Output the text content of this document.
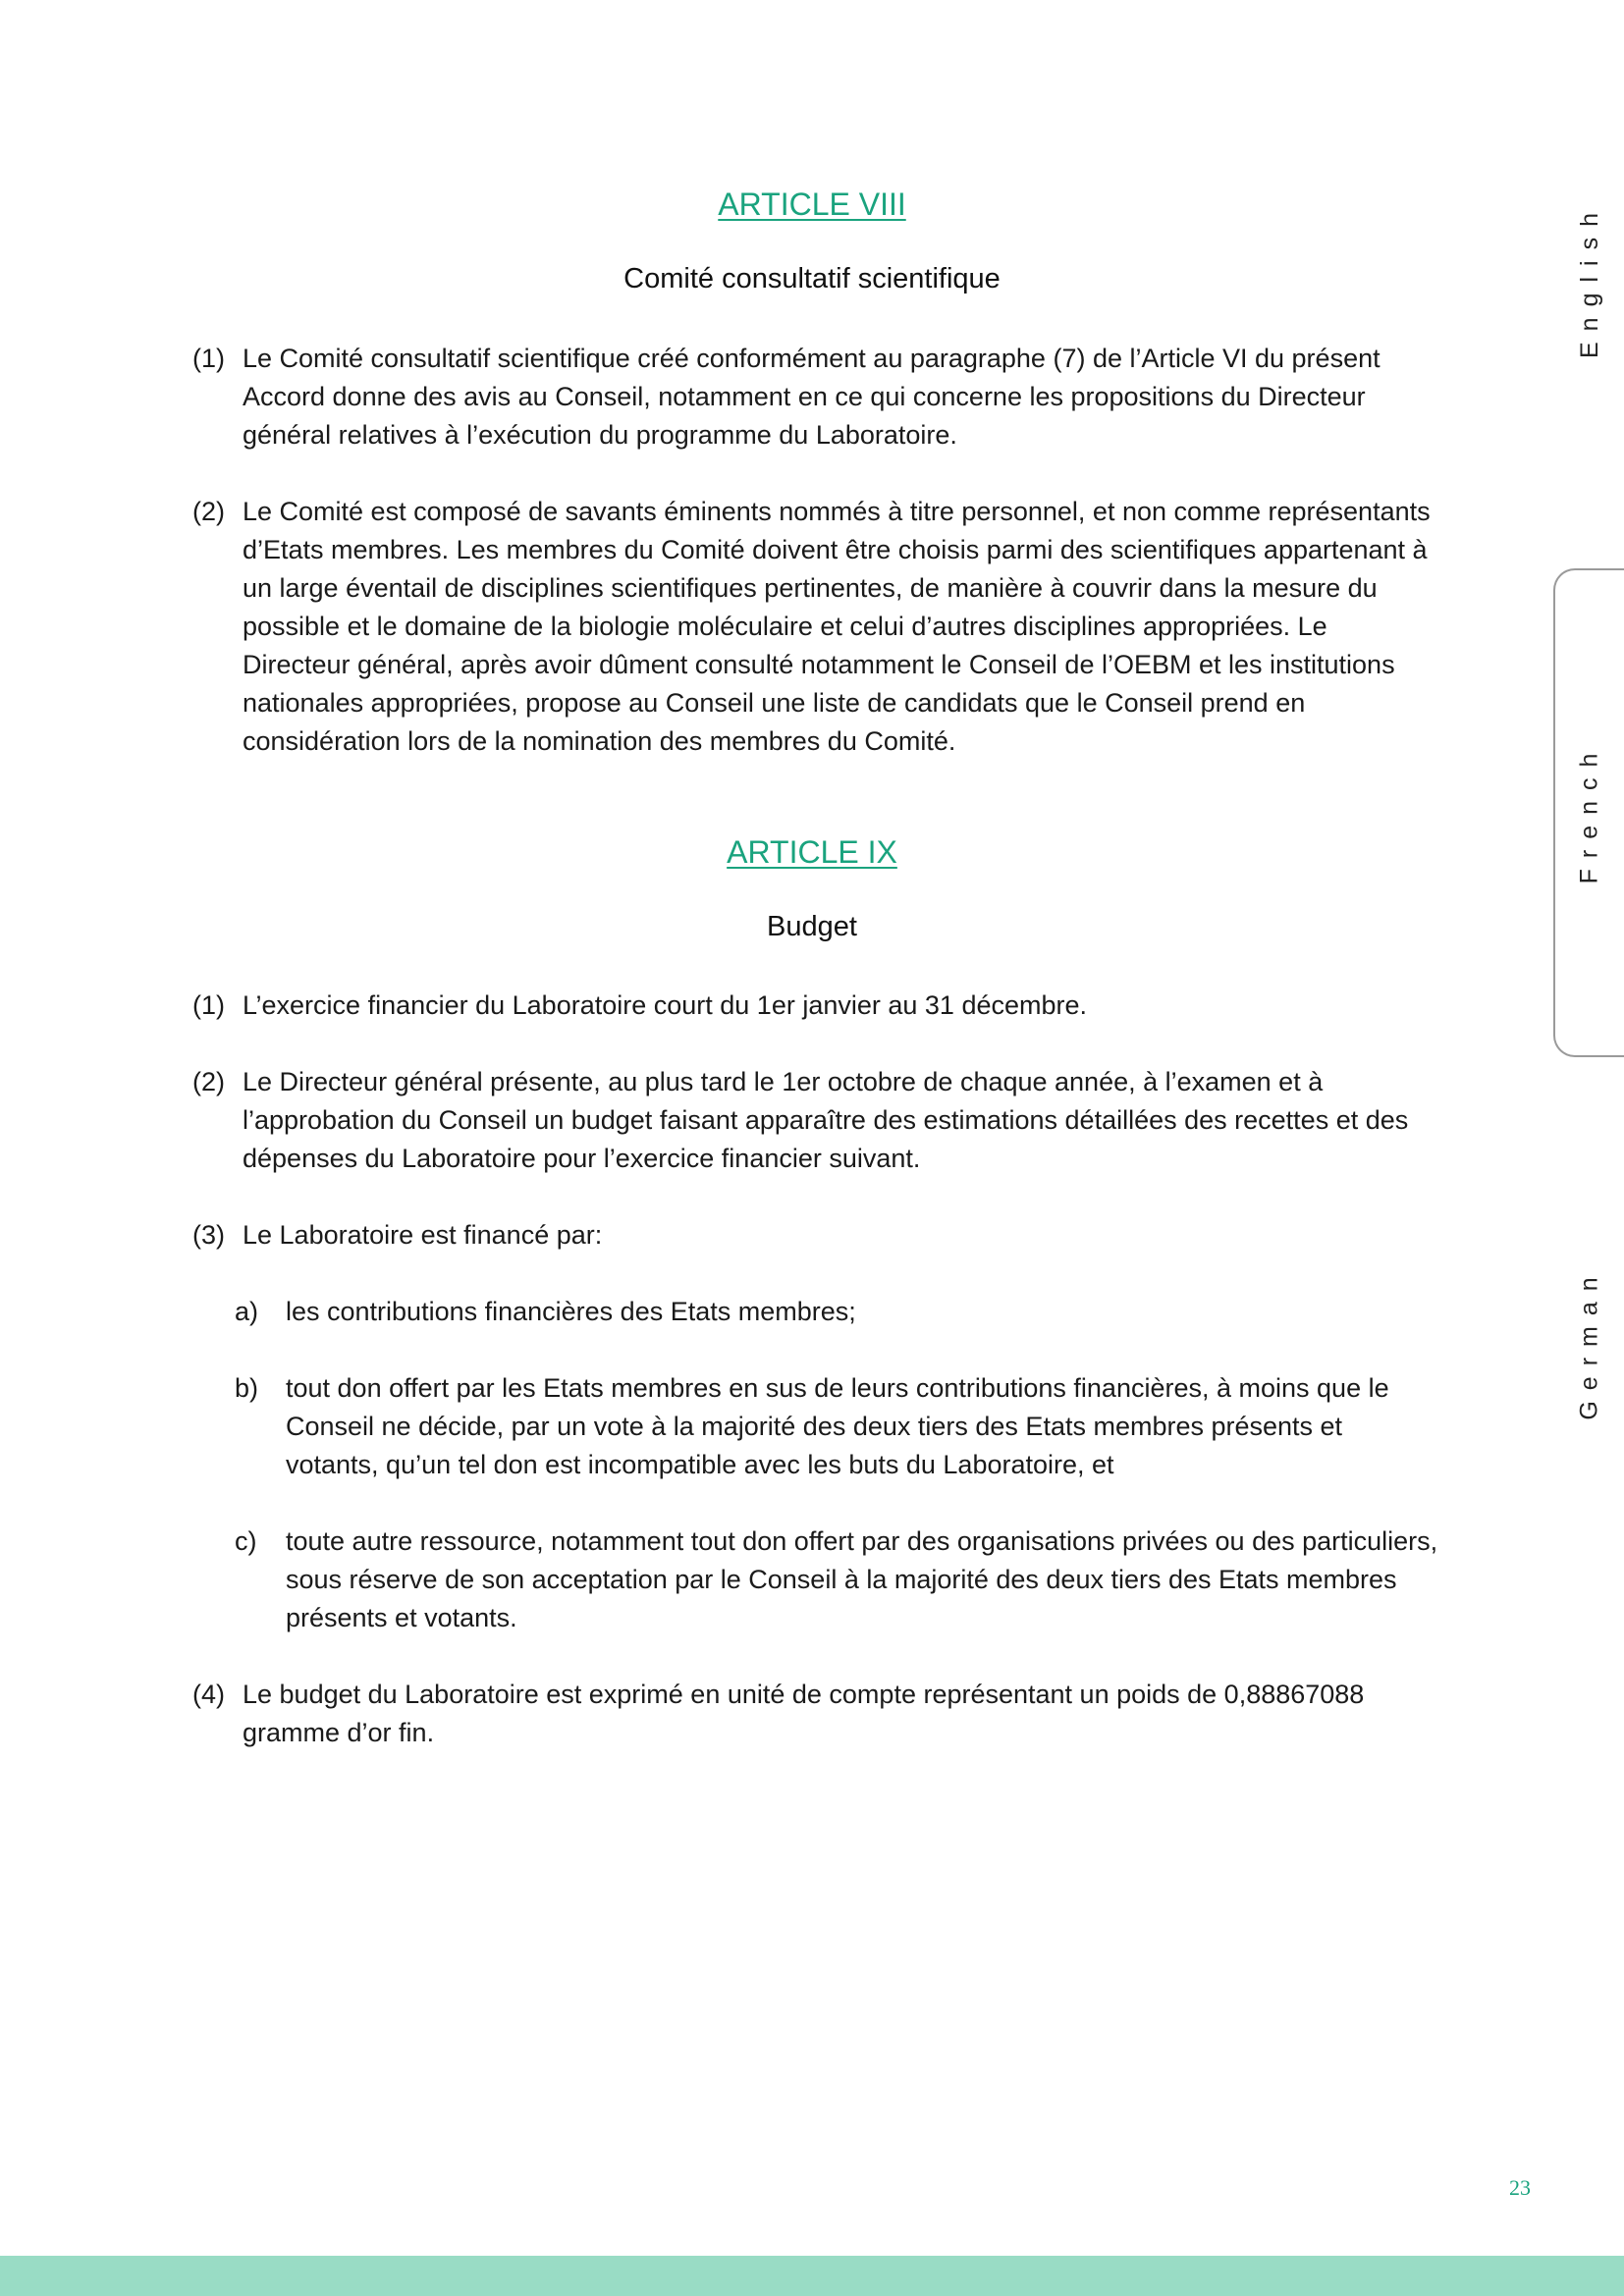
ARTICLE VIII
Comité consultatif scientifique
(1) Le Comité consultatif scientifique créé conformément au paragraphe (7) de l’Article VI du présent Accord donne des avis au Conseil, notamment en ce qui concerne les propositions du Directeur général relatives à l’exécution du programme du Laboratoire.
(2) Le Comité est composé de savants éminents nommés à titre personnel, et non comme représentants d’Etats membres. Les membres du Comité doivent être choisis parmi des scientifiques appartenant à un large éventail de disciplines scientifiques pertinentes, de manière à couvrir dans la mesure du possible et le domaine de la biologie moléculaire et celui d’autres disciplines appropriées. Le Directeur général, après avoir dûment consulté notamment le Conseil de l’OEBM et les institutions nationales appropriées, propose au Conseil une liste de candidats que le Conseil prend en considération lors de la nomination des membres du Comité.
ARTICLE IX
Budget
(1) L’exercice financier du Laboratoire court du 1er janvier au 31 décembre.
(2) Le Directeur général présente, au plus tard le 1er octobre de chaque année, à l’examen et à l’approbation du Conseil un budget faisant apparaître des estimations détaillées des recettes et des dépenses du Laboratoire pour l’exercice financier suivant.
(3) Le Laboratoire est financé par:
a) les contributions financières des Etats membres;
b) tout don offert par les Etats membres en sus de leurs contributions financières, à moins que le Conseil ne décide, par un vote à la majorité des deux tiers des Etats membres présents et votants, qu’un tel don est incompatible avec les buts du Laboratoire, et
c) toute autre ressource, notamment tout don offert par des organisations privées ou des particuliers, sous réserve de son acceptation par le Conseil à la majorité des deux tiers des Etats membres présents et votants.
(4) Le budget du Laboratoire est exprimé en unité de compte représentant un poids de 0,88867088 gramme d’or fin.
English
French
German
23
